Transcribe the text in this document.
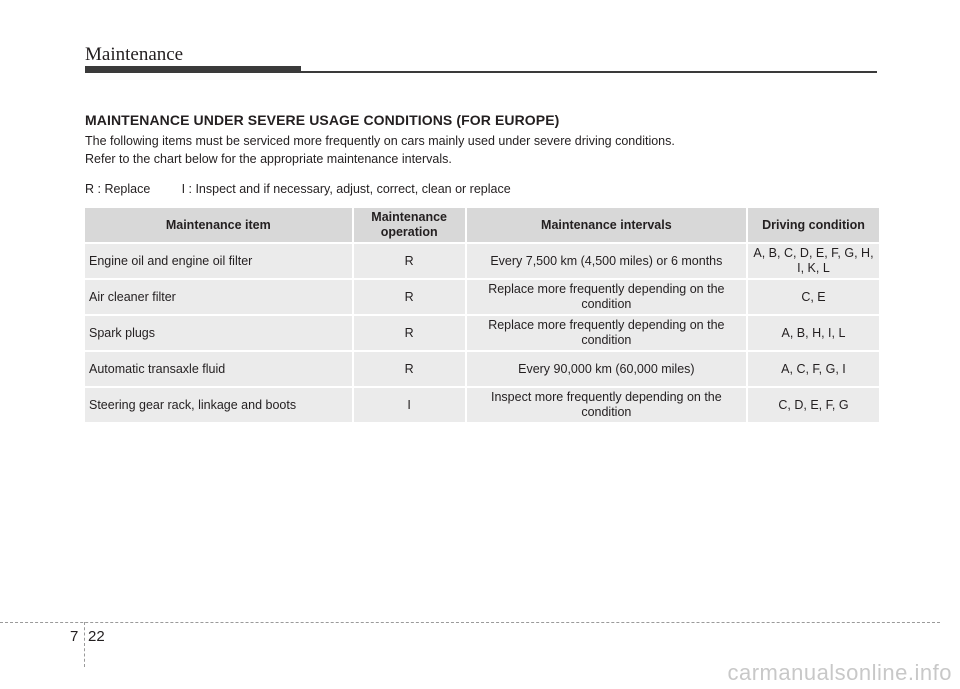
Maintenance
MAINTENANCE UNDER SEVERE USAGE CONDITIONS (FOR EUROPE)
The following items must be serviced more frequently on cars mainly used under severe driving conditions.
Refer to the chart below for the appropriate maintenance intervals.
R : Replace         I : Inspect and if necessary, adjust, correct, clean or replace
Maintenance item	Maintenance operation	Maintenance intervals	Driving condition
Engine oil and engine oil filter	R	Every 7,500 km (4,500 miles) or 6 months	A, B, C, D, E, F, G, H, I, K, L
Air cleaner filter	R	Replace more frequently depending on the condition	C, E
Spark plugs	R	Replace more frequently depending on the condition	A, B, H, I, L
Automatic transaxle fluid	R	Every 90,000 km (60,000 miles)	A, C, F, G, I
Steering gear rack, linkage and boots	I	Inspect more frequently depending on the condition	C, D, E, F, G
7 22
carmanualsonline.info
